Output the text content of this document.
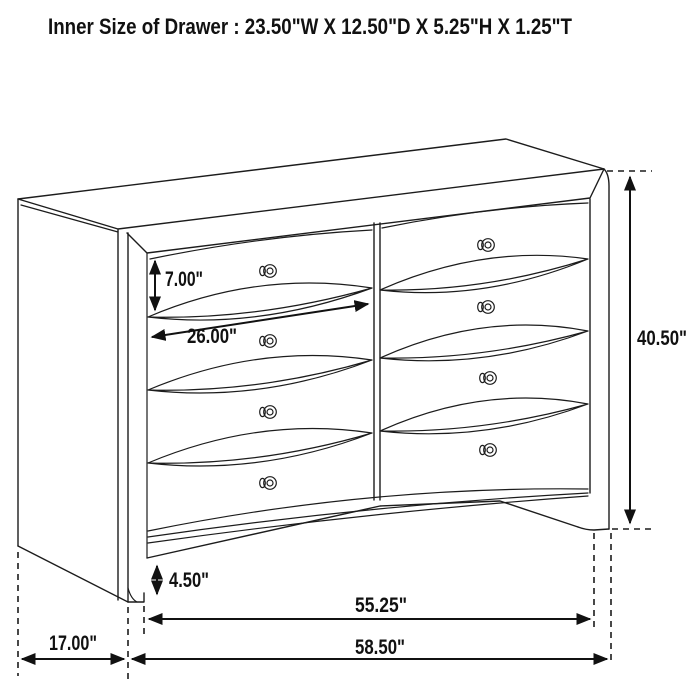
Inner Size of Drawer : 23.50"W X 12.50"D X 5.25"H X 1.25"T
7.00"
26.00"	40.50"
4.50"
55.25"
17.00"	58.50"
